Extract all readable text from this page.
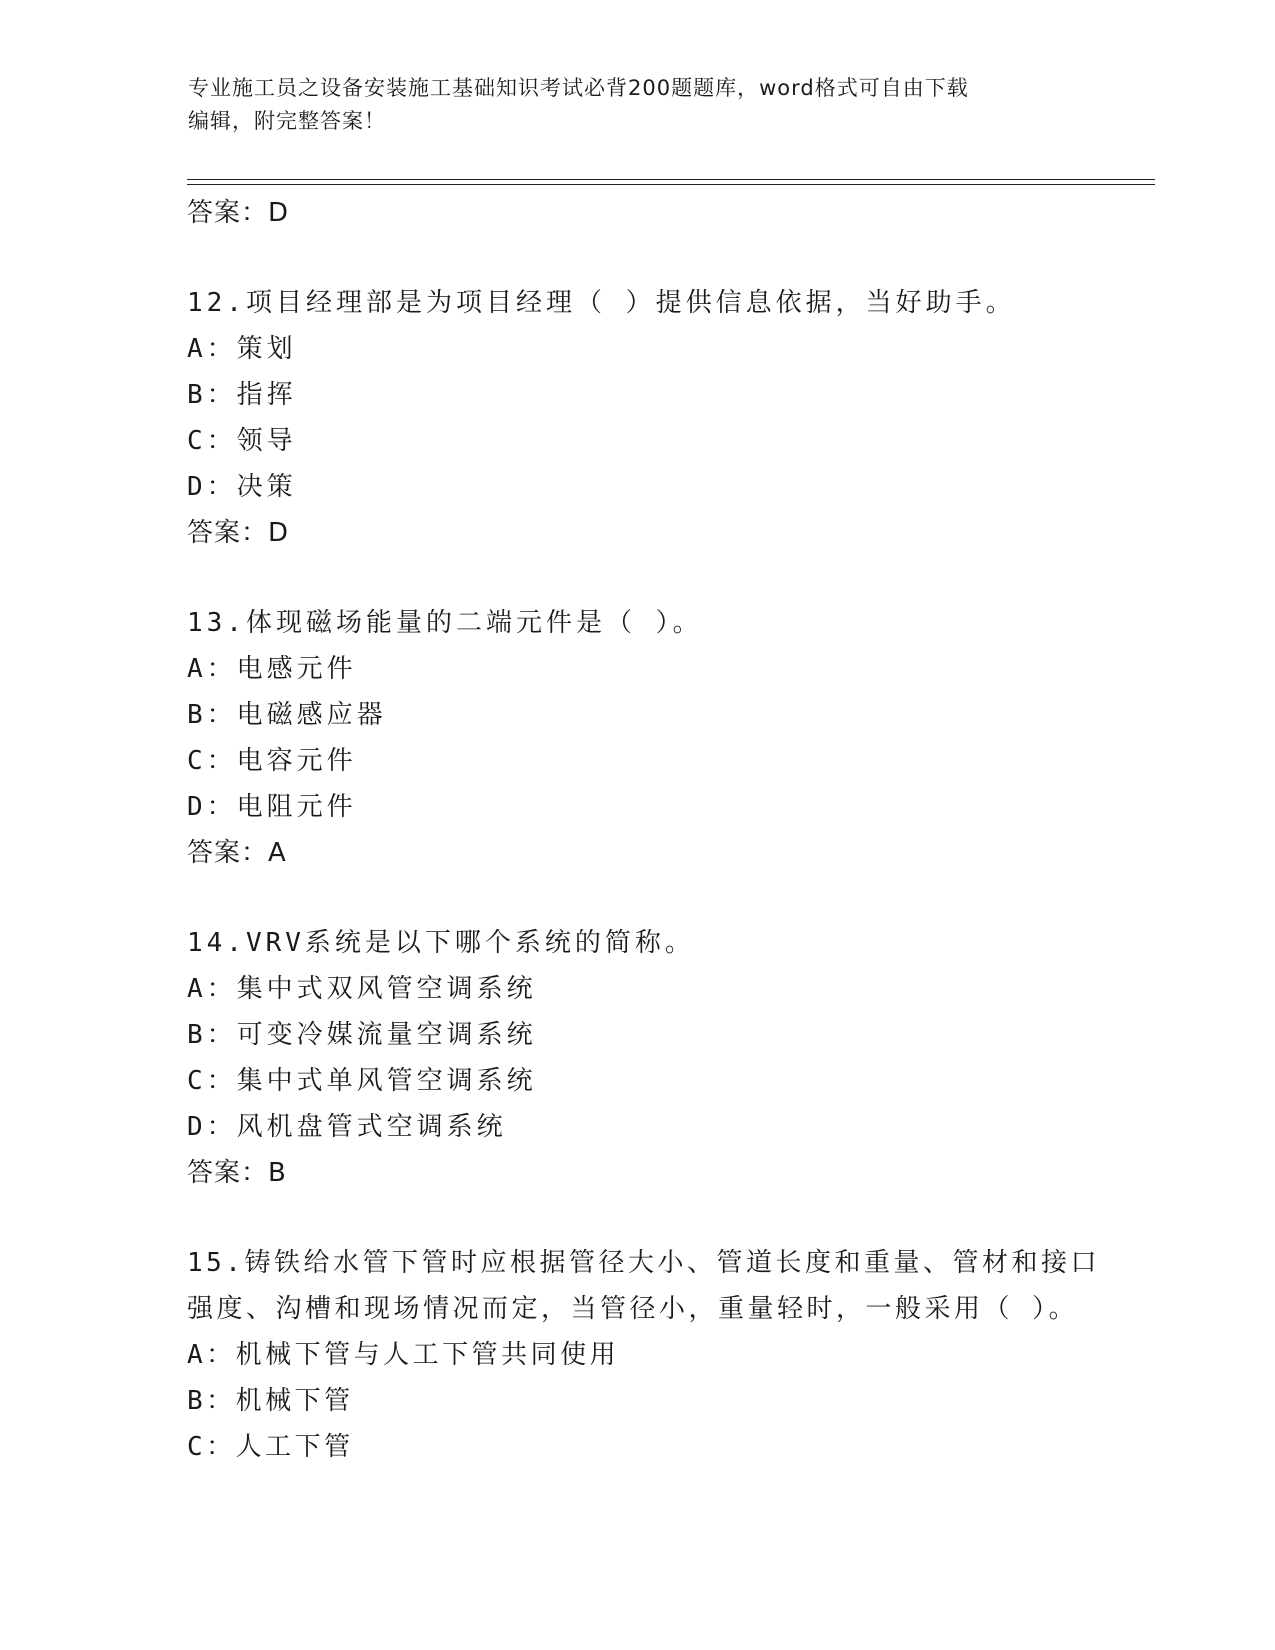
专业施工员之设备安装施工基础知识考试必背200题题库，word格式可自由下载
编辑，附完整答案！
答案：D
12.项目经理部是为项目经理（ ）提供信息依据，当好助手。
A：策划
B：指挥
C：领导
D：决策
答案：D
13.体现磁场能量的二端元件是（ ）。
A：电感元件
B：电磁感应器
C：电容元件
D：电阻元件
答案：A
14.VRV系统是以下哪个系统的简称。
A：集中式双风管空调系统
B：可变冷媒流量空调系统
C：集中式单风管空调系统
D：风机盘管式空调系统
答案：B
15.铸铁给水管下管时应根据管径大小、管道长度和重量、管材和接口
强度、沟槽和现场情况而定，当管径小，重量轻时，一般采用（ ）。
A：机械下管与人工下管共同使用
B：机械下管
C：人工下管
